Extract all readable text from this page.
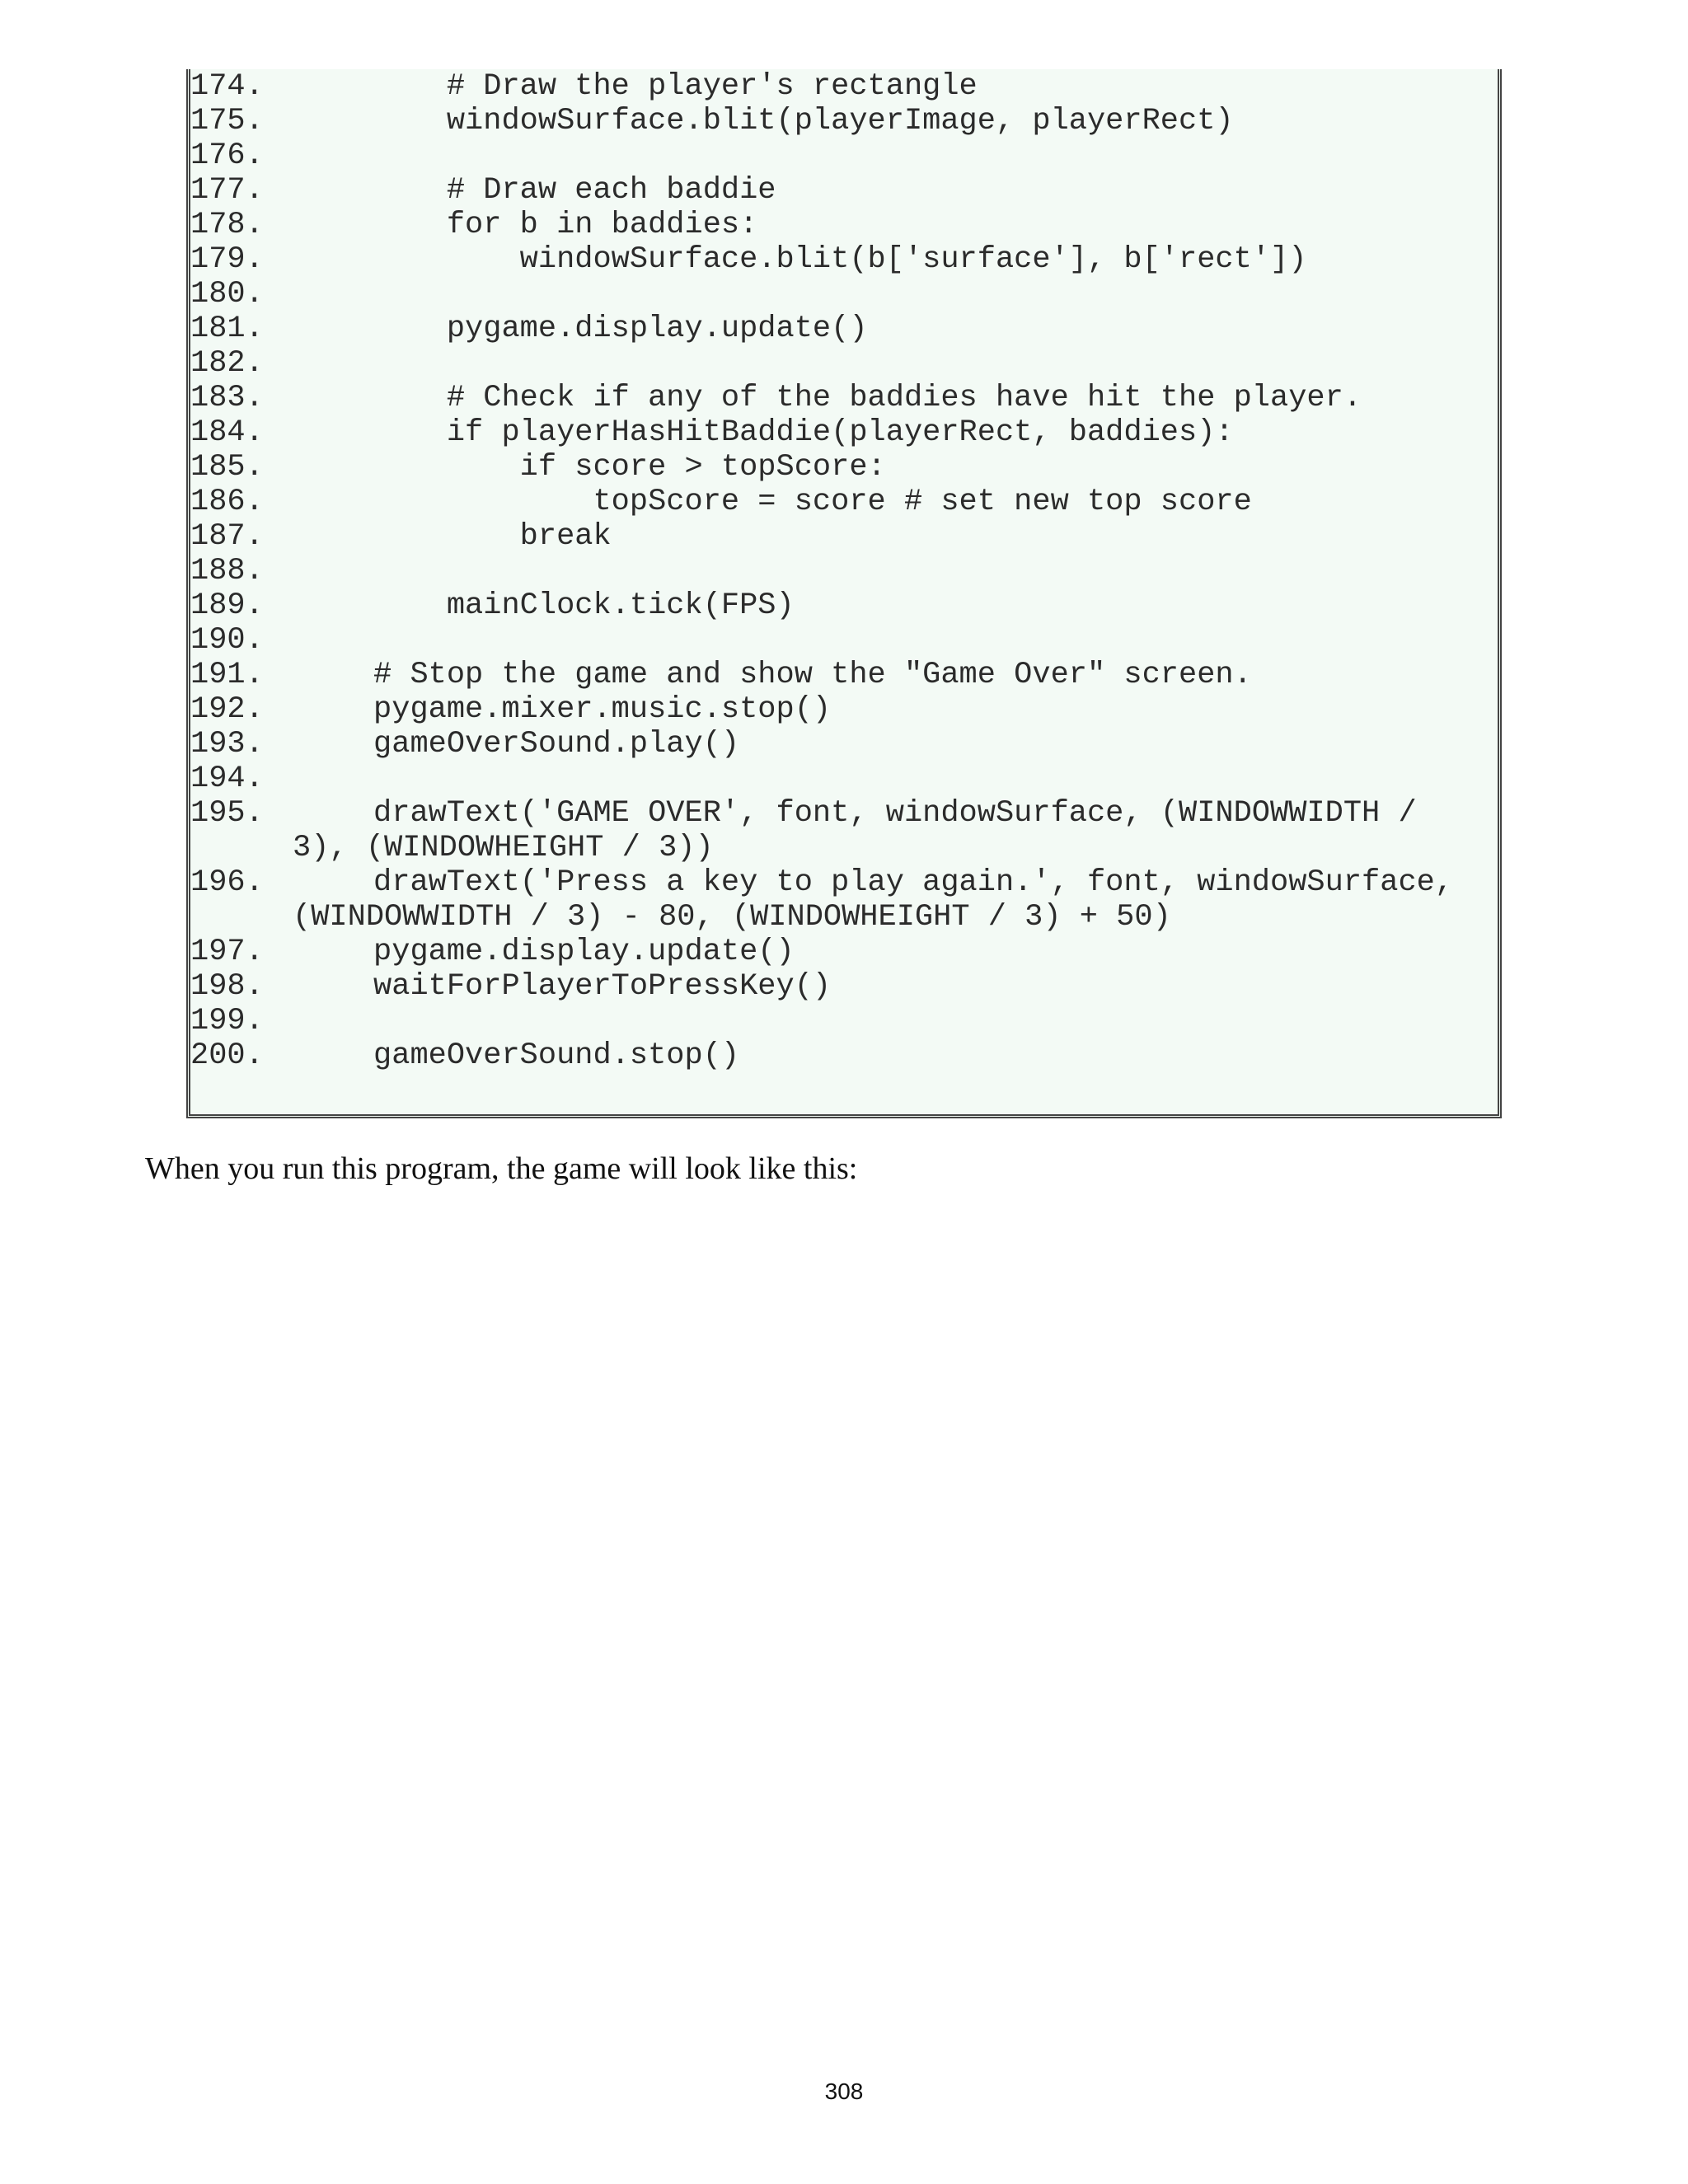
174.          # Draw the player's rectangle
175.          windowSurface.blit(playerImage, playerRect)
176.
177.          # Draw each baddie
178.          for b in baddies:
179.              windowSurface.blit(b['surface'], b['rect'])
180.
181.          pygame.display.update()
182.
183.          # Check if any of the baddies have hit the player.
184.          if playerHasHitBaddie(playerRect, baddies):
185.              if score > topScore:
186.                  topScore = score # set new top score
187.              break
188.
189.          mainClock.tick(FPS)
190.
191.      # Stop the game and show the "Game Over" screen.
192.      pygame.mixer.music.stop()
193.      gameOverSound.play()
194.
195.      drawText('GAME OVER', font, windowSurface, (WINDOWWIDTH /
3), (WINDOWHEIGHT / 3))
196.      drawText('Press a key to play again.', font, windowSurface,
(WINDOWWIDTH / 3) - 80, (WINDOWHEIGHT / 3) + 50)
197.      pygame.display.update()
198.      waitForPlayerToPressKey()
199.
200.      gameOverSound.stop()

When you run this program, the game will look like this:

308
